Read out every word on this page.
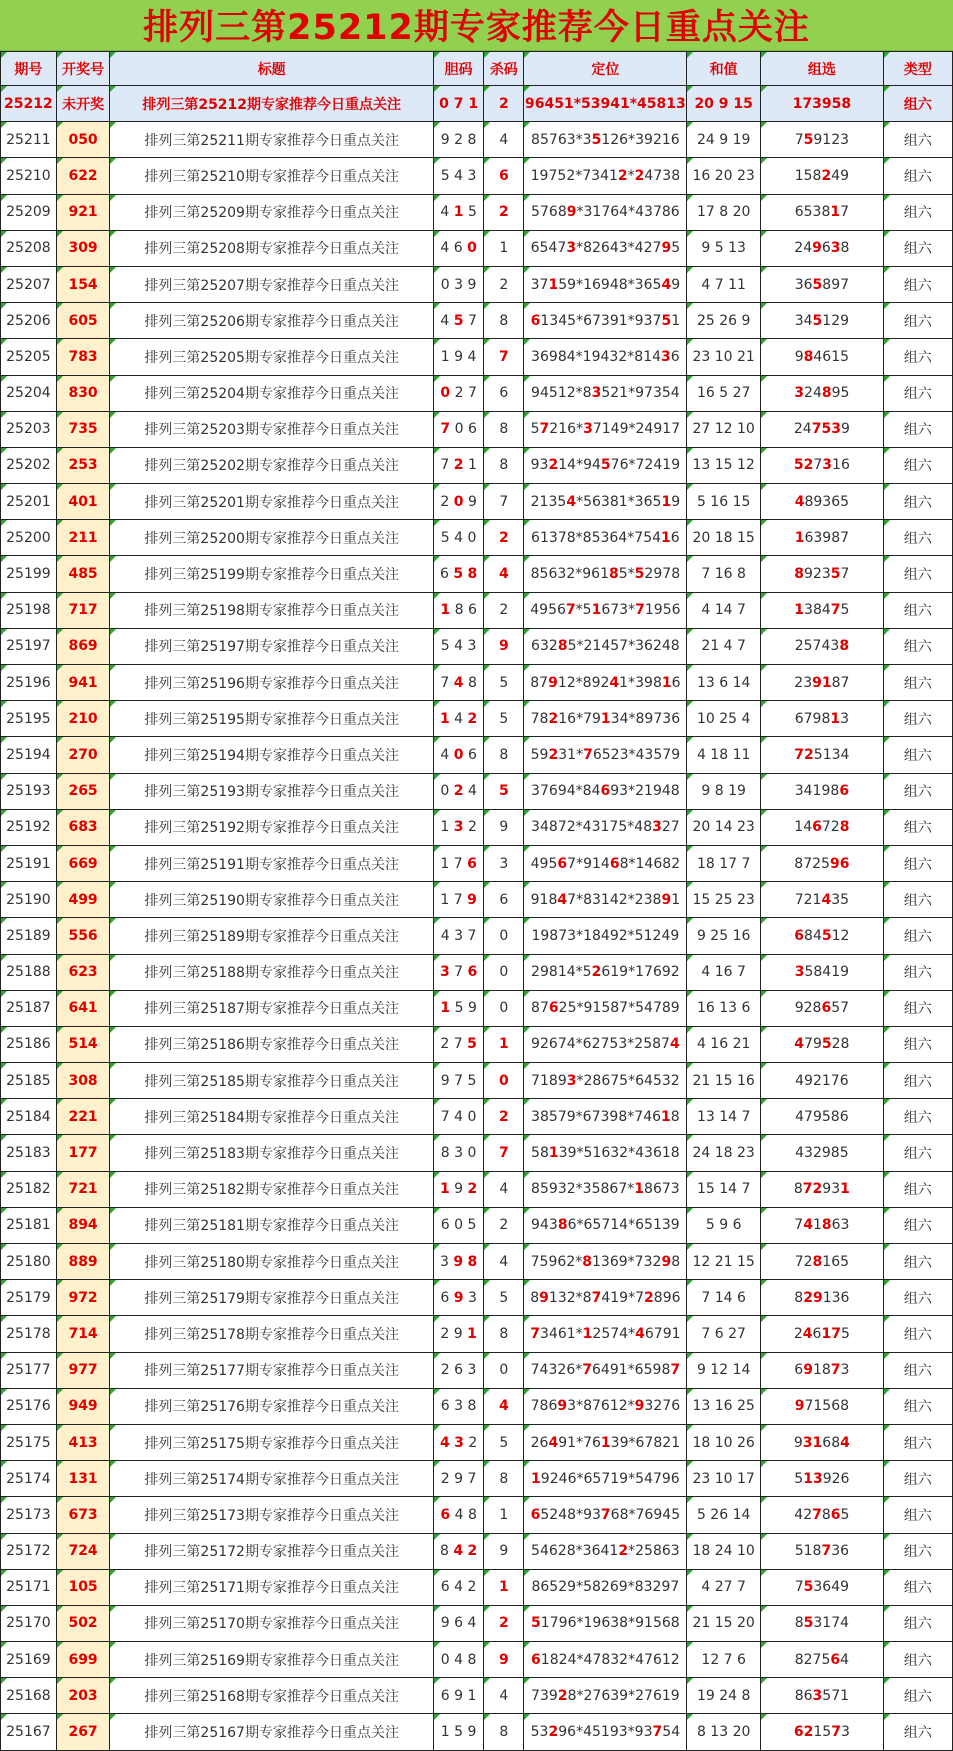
排列三第25212期专家推荐今日重点关注
期号	开奖号	标题	胆码	杀码	定位	和值	组选	类型
25212	未开奖	排列三第25212期专家推荐今日重点关注	0 7 1	2	96451*53941*45813	20 9 15	173958	组六
25211	050	排列三第25211期专家推荐今日重点关注	9 2 8	4	85763*35126*39216	24 9 19	759123	组六
25210	622	排列三第25210期专家推荐今日重点关注	5 4 3	6	19752*73412*24738	16 20 23	158249	组六
25209	921	排列三第25209期专家推荐今日重点关注	4 1 5	2	57689*31764*43786	17 8 20	653817	组六
25208	309	排列三第25208期专家推荐今日重点关注	4 6 0	1	65473*82643*42795	9 5 13	249638	组六
25207	154	排列三第25207期专家推荐今日重点关注	0 3 9	2	37159*16948*36549	4 7 11	365897	组六
25206	605	排列三第25206期专家推荐今日重点关注	4 5 7	8	61345*67391*93751	25 26 9	345129	组六
25205	783	排列三第25205期专家推荐今日重点关注	1 9 4	7	36984*19432*81436	23 10 21	984615	组六
25204	830	排列三第25204期专家推荐今日重点关注	0 2 7	6	94512*83521*97354	16 5 27	324895	组六
25203	735	排列三第25203期专家推荐今日重点关注	7 0 6	8	57216*37149*24917	27 12 10	247539	组六
25202	253	排列三第25202期专家推荐今日重点关注	7 2 1	8	93214*94576*72419	13 15 12	527316	组六
25201	401	排列三第25201期专家推荐今日重点关注	2 0 9	7	21354*56381*36519	5 16 15	489365	组六
25200	211	排列三第25200期专家推荐今日重点关注	5 4 0	2	61378*85364*75416	20 18 15	163987	组六
25199	485	排列三第25199期专家推荐今日重点关注	6 5 8	4	85632*96185*52978	7 16 8	892357	组六
25198	717	排列三第25198期专家推荐今日重点关注	1 8 6	2	49567*51673*71956	4 14 7	138475	组六
25197	869	排列三第25197期专家推荐今日重点关注	5 4 3	9	63285*21457*36248	21 4 7	257438	组六
25196	941	排列三第25196期专家推荐今日重点关注	7 4 8	5	87912*89241*39816	13 6 14	239187	组六
25195	210	排列三第25195期专家推荐今日重点关注	1 4 2	5	78216*79134*89736	10 25 4	679813	组六
25194	270	排列三第25194期专家推荐今日重点关注	4 0 6	8	59231*76523*43579	4 18 11	725134	组六
25193	265	排列三第25193期专家推荐今日重点关注	0 2 4	5	37694*84693*21948	9 8 19	341986	组六
25192	683	排列三第25192期专家推荐今日重点关注	1 3 2	9	34872*43175*48327	20 14 23	146728	组六
25191	669	排列三第25191期专家推荐今日重点关注	1 7 6	3	49567*91468*14682	18 17 7	872596	组六
25190	499	排列三第25190期专家推荐今日重点关注	1 7 9	6	91847*83142*23891	15 25 23	721435	组六
25189	556	排列三第25189期专家推荐今日重点关注	4 3 7	0	19873*18492*51249	9 25 16	684512	组六
25188	623	排列三第25188期专家推荐今日重点关注	3 7 6	0	29814*52619*17692	4 16 7	358419	组六
25187	641	排列三第25187期专家推荐今日重点关注	1 5 9	0	87625*91587*54789	16 13 6	928657	组六
25186	514	排列三第25186期专家推荐今日重点关注	2 7 5	1	92674*62753*25874	4 16 21	479528	组六
25185	308	排列三第25185期专家推荐今日重点关注	9 7 5	0	71893*28675*64532	21 15 16	492176	组六
25184	221	排列三第25184期专家推荐今日重点关注	7 4 0	2	38579*67398*74618	13 14 7	479586	组六
25183	177	排列三第25183期专家推荐今日重点关注	8 3 0	7	58139*51632*43618	24 18 23	432985	组六
25182	721	排列三第25182期专家推荐今日重点关注	1 9 2	4	85932*35867*18673	15 14 7	872931	组六
25181	894	排列三第25181期专家推荐今日重点关注	6 0 5	2	94386*65714*65139	5 9 6	741863	组六
25180	889	排列三第25180期专家推荐今日重点关注	3 9 8	4	75962*81369*73298	12 21 15	728165	组六
25179	972	排列三第25179期专家推荐今日重点关注	6 9 3	5	89132*87419*72896	7 14 6	829136	组六
25178	714	排列三第25178期专家推荐今日重点关注	2 9 1	8	73461*12574*46791	7 6 27	246175	组六
25177	977	排列三第25177期专家推荐今日重点关注	2 6 3	0	74326*76491*65987	9 12 14	691873	组六
25176	949	排列三第25176期专家推荐今日重点关注	6 3 8	4	78693*87612*93276	13 16 25	971568	组六
25175	413	排列三第25175期专家推荐今日重点关注	4 3 2	5	26491*76139*67821	18 10 26	931684	组六
25174	131	排列三第25174期专家推荐今日重点关注	2 9 7	8	19246*65719*54796	23 10 17	513926	组六
25173	673	排列三第25173期专家推荐今日重点关注	6 4 8	1	65248*93768*76945	5 26 14	427865	组六
25172	724	排列三第25172期专家推荐今日重点关注	8 4 2	9	54628*36412*25863	18 24 10	518736	组六
25171	105	排列三第25171期专家推荐今日重点关注	6 4 2	1	86529*58269*83297	4 27 7	753649	组六
25170	502	排列三第25170期专家推荐今日重点关注	9 6 4	2	51796*19638*91568	21 15 20	853174	组六
25169	699	排列三第25169期专家推荐今日重点关注	0 4 8	9	61824*47832*47612	12 7 6	827564	组六
25168	203	排列三第25168期专家推荐今日重点关注	6 9 1	4	73928*27639*27619	19 24 8	863571	组六
25167	267	排列三第25167期专家推荐今日重点关注	1 5 9	8	53296*45193*93754	8 13 20	621573	组六
